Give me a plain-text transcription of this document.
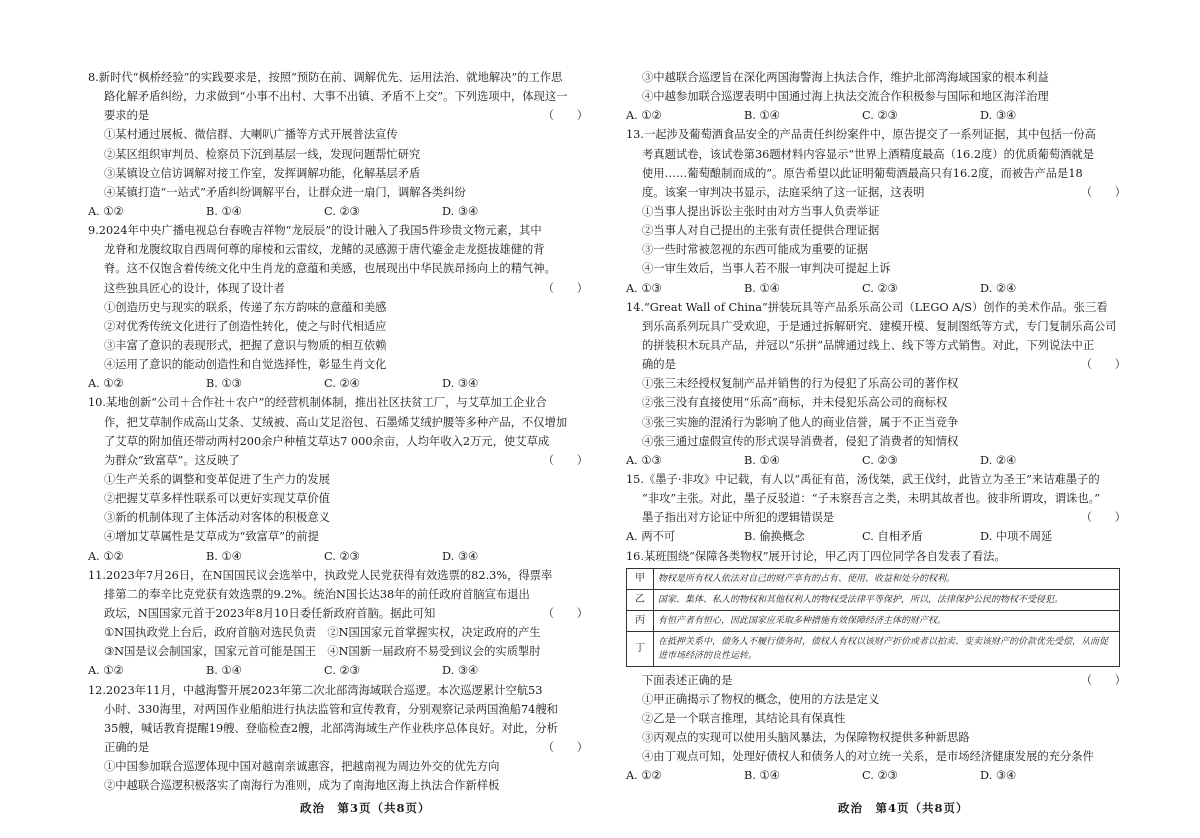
8.新时代“枫桥经验”的实践要求是，按照“预防在前、调解优先、运用法治、就地解决”的工作思
路化解矛盾纠纷，力求做到“小事不出村、大事不出镇、矛盾不上交”。下列选项中，体现这一
要求的是	（　　）
①某村通过展板、微信群、大喇叭广播等方式开展普法宣传
②某区组织审判员、检察员下沉到基层一线，发现问题帮忙研究
③某镇设立信访调解对接工作室，发挥调解功能，化解基层矛盾
④某镇打造“一站式”矛盾纠纷调解平台，让群众进一扇门，调解各类纠纷
A. ①②	B. ①④	C. ②③	D. ③④
9.2024年中央广播电视总台春晚吉祥物“龙辰辰”的设计融入了我国5件珍贵文物元素，其中
龙脊和龙腹纹取自西周何尊的扉棱和云雷纹，龙鳍的灵感源于唐代鎏金走龙挺拔雄健的背
脊。这不仅饱含着传统文化中生肖龙的意蕴和美感，也展现出中华民族昂扬向上的精气神。
这些独具匠心的设计，体现了设计者	（　　）
①创造历史与现实的联系，传递了东方韵味的意蕴和美感
②对优秀传统文化进行了创造性转化，使之与时代相适应
③丰富了意识的表现形式，把握了意识与物质的相互依赖
④运用了意识的能动创造性和自觉选择性，彰显生肖文化
A. ①②	B. ①③	C. ②④	D. ③④
10.某地创新“公司＋合作社＋农户”的经营机制体制，推出社区扶贫工厂，与艾草加工企业合
作，把艾草制作成高山艾条、艾绒被、高山艾足浴包、石墨烯艾绒护腰等多种产品，不仅增加
了艾草的附加值还带动两村200余户种植艾草达7 000余亩，人均年收入2万元，使艾草成
为群众“致富草”。这反映了	（　　）
①生产关系的调整和变革促进了生产力的发展
②把握艾草多样性联系可以更好实现艾草价值
③新的机制体现了主体活动对客体的积极意义
④增加艾草属性是艾草成为“致富草”的前提
A. ①②	B. ①④	C. ②③	D. ③④
11.2023年7月26日，在N国国民议会选举中，执政党人民党获得有效选票的82.3%，得票率
排第二的奉辛比克党获有效选票的9.2%。统治N国长达38年的前任政府首脑宣布退出
政坛，N国国家元首于2023年8月10日委任新政府首脑。据此可知	（　　）
①N国执政党上台后，政府首脑对选民负责　②N国国家元首掌握实权，决定政府的产生
③N国是议会制国家，国家元首可能是国王　④N国新一届政府不易受到议会的实质掣肘
A. ①②	B. ①④	C. ②③	D. ③④
12.2023年11月，中越海警开展2023年第二次北部湾海域联合巡逻。本次巡逻累计空航53
小时、330海里，对两国作业船舶进行执法监管和宣传教育，分别观察记录两国渔船74艘和
35艘，喊话教育提醒19艘、登临检查2艘，北部湾海域生产作业秩序总体良好。对此，分析
正确的是	（　　）
①中国参加联合巡逻体现中国对越南亲诚惠容，把越南视为周边外交的优先方向
②中越联合巡逻积极落实了南海行为准则，成为了南海地区海上执法合作新样板
③中越联合巡逻旨在深化两国海警海上执法合作，维护北部湾海域国家的根本利益
④中越参加联合巡逻表明中国通过海上执法交流合作积极参与国际和地区海洋治理
A. ①②	B. ①④	C. ②③	D. ③④
13.一起涉及葡萄酒食品安全的产品责任纠纷案件中，原告提交了一系列证据，其中包括一份高
考真题试卷，该试卷第36题材料内容显示“世界上酒精度最高（16.2度）的优质葡萄酒就是
使用……葡萄酿制而成的”。原告希望以此证明葡萄酒最高只有16.2度，而被告产品是18
度。该案一审判决书显示，法庭采纳了这一证据，这表明	（　　）
①当事人提出诉讼主张时由对方当事人负责举证
②当事人对自己提出的主张有责任提供合理证据
③一些时常被忽视的东西可能成为重要的证据
④一审生效后，当事人若不服一审判决可提起上诉
A. ①③	B. ①④	C. ②③	D. ②④
14.“Great Wall of China”拼装玩具等产品系乐高公司（LEGO A/S）创作的美术作品。张三看
到乐高系列玩具广受欢迎，于是通过拆解研究、建模开模、复制图纸等方式，专门复制乐高公司
的拼装积木玩具产品，并冠以“乐拼”品牌通过线上、线下等方式销售。对此，下列说法中正
确的是	（　　）
①张三未经授权复制产品并销售的行为侵犯了乐高公司的著作权
②张三没有直接使用“乐高”商标，并未侵犯乐高公司的商标权
③张三实施的混淆行为影响了他人的商业信誉，属于不正当竞争
④张三通过虚假宣传的形式误导消费者，侵犯了消费者的知情权
A. ①③	B. ①④	C. ②③	D. ②④
15.《墨子·非攻》中记载，有人以“禹征有苗，汤伐桀，武王伐纣，此皆立为圣王”来诘难墨子的
“非攻”主张。对此，墨子反驳道：“子未察吾言之类，未明其故者也。彼非所谓攻，谓诛也。”
墨子指出对方论证中所犯的逻辑错误是	（　　）
A. 两不可	B. 偷换概念	C. 自相矛盾	D. 中项不周延
16.某班围绕“保障各类物权”展开讨论，甲乙丙丁四位同学各自发表了看法。
甲	物权是所有权人依法对自己的财产享有的占有、使用、收益和处分的权利。
乙	国家、集体、私人的物权和其他权利人的物权受法律平等保护，所以，法律保护公民的物权不受侵犯。
丙	有恒产者有恒心，因此国家应采取多种措施有效保障经济主体的财产权。
丁	在抵押关系中，债务人不履行债务时，债权人有权以该财产折价或者以拍卖、变卖该财产的价款优先受偿，从而促进市场经济的良性运转。
下面表述正确的是	（　　）
①甲正确揭示了物权的概念，使用的方法是定义
②乙是一个联言推理，其结论具有保真性
③丙观点的实现可以使用头脑风暴法，为保障物权提供多种新思路
④由丁观点可知，处理好债权人和债务人的对立统一关系，是市场经济健康发展的充分条件
A. ①②	B. ①④	C. ②③	D. ③④
政治　第3页（共8页）	政治　第4页（共8页）
